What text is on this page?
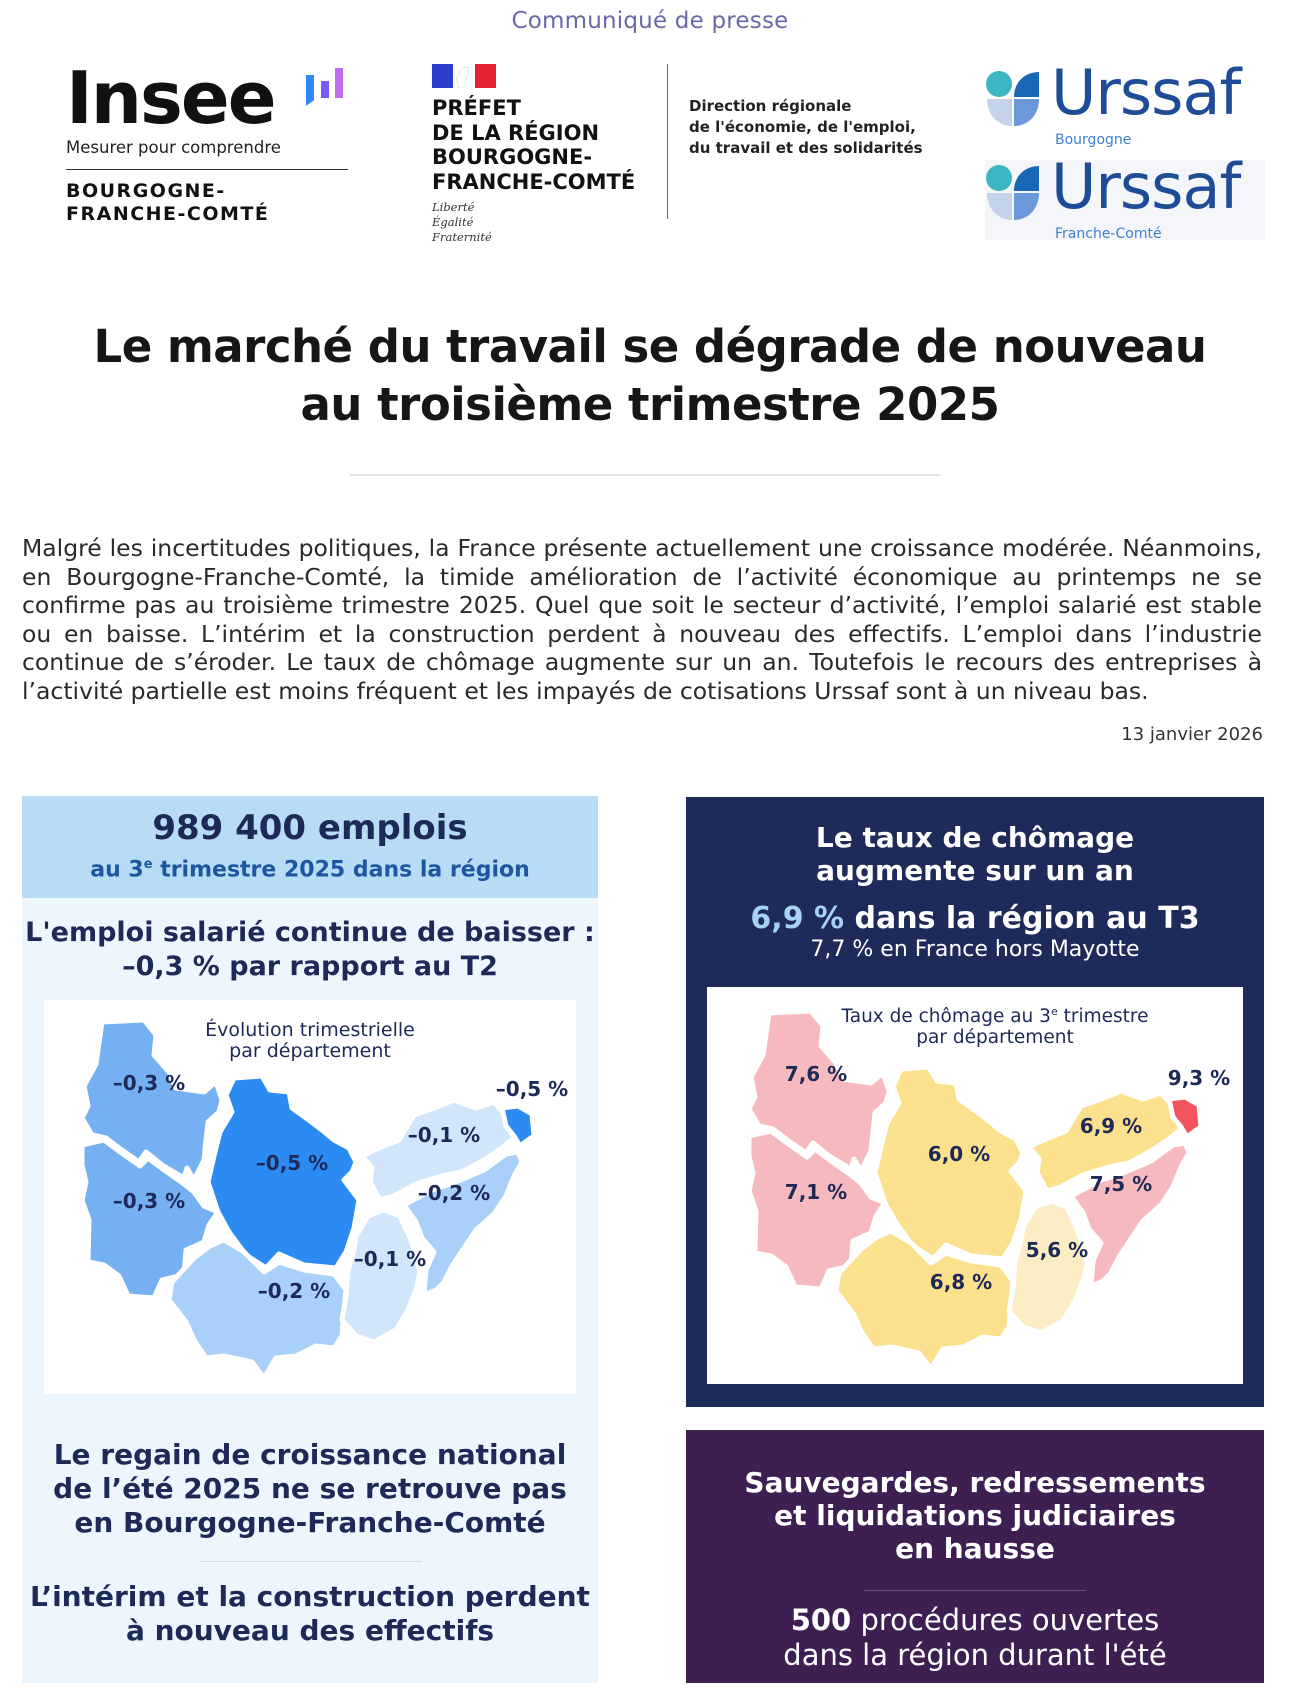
Communiqué de presse
Insee
Mesurer pour comprendre
BOURGOGNE-
FRANCHE-COMTÉ
PRÉFET
DE LA RÉGION
BOURGOGNE-
FRANCHE-COMTÉ
Liberté
Égalité
Fraternité
Direction régionale
de l'économie, de l'emploi,
du travail et des solidarités
Urssaf
Bourgogne
Urssaf
Franche-Comté
Le marché du travail se dégrade de nouveau
au troisième trimestre 2025
Malgré les incertitudes politiques, la France présente actuellement une croissance modérée. Néanmoins, en Bourgogne-Franche-Comté, la timide amélioration de l’activité économique au printemps ne se confirme pas au troisième trimestre 2025. Quel que soit le secteur d’activité, l’emploi salarié est stable ou en baisse. L’intérim et la construction perdent à nouveau des effectifs. L’emploi dans l’industrie continue de s’éroder. Le taux de chômage augmente sur un an. Toutefois le recours des entreprises à l’activité partielle est moins fréquent et les impayés de cotisations Urssaf sont à un niveau bas.
13 janvier 2026
989 400 emplois
au 3e trimestre 2025 dans la région
L'emploi salarié continue de baisser :
–0,3 % par rapport au T2
–0,3 %
–0,3 %
–0,5 %
–0,2 %
–0,1 %
–0,5 %
–0,2 %
–0,1 %
Évolution trimestrielle
par département
Le regain de croissance national
de l’été 2025 ne se retrouve pas
en Bourgogne-Franche-Comté
L’intérim et la construction perdent
à nouveau des effectifs
Le taux de chômage
augmente sur un an
6,9 % dans la région au T3
7,7 % en France hors Mayotte
7,6 %
7,1 %
6,0 %
6,8 %
6,9 %
9,3 %
7,5 %
5,6 %
Taux de chômage au 3e trimestre
par département
Sauvegardes, redressements
et liquidations judiciaires
en hausse
500 procédures ouvertes
dans la région durant l'été
